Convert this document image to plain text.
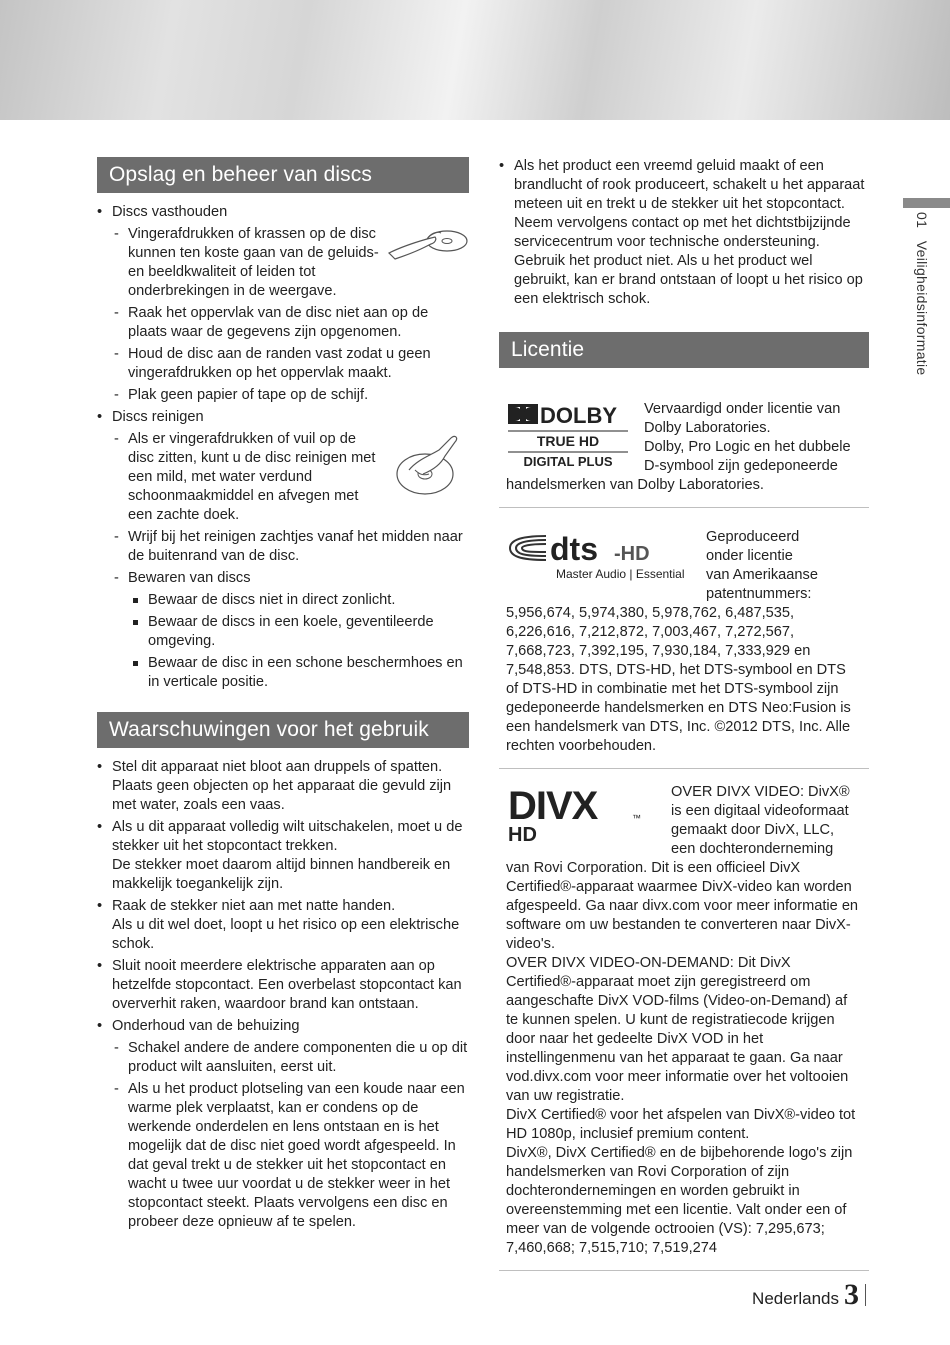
Opslag en beheer van discs
• Discs vasthouden
- Vingerafdrukken of krassen op de disc kunnen ten koste gaan van de geluids- en beeldkwaliteit of leiden tot onderbrekingen in de weergave.
- Raak het oppervlak van de disc niet aan op de plaats waar de gegevens zijn opgenomen.
- Houd de disc aan de randen vast zodat u geen vingerafdrukken op het oppervlak maakt.
- Plak geen papier of tape op de schijf.
• Discs reinigen
- Als er vingerafdrukken of vuil op de disc zitten, kunt u de disc reinigen met een mild, met water verdund schoonmaakmiddel en afvegen met een zachte doek.
- Wrijf bij het reinigen zachtjes vanaf het midden naar de buitenrand van de disc.
- Bewaren van discs
Bewaar de discs niet in direct zonlicht.
Bewaar de discs in een koele, geventileerde omgeving.
Bewaar de disc in een schone beschermhoes en in verticale positie.
Waarschuwingen voor het gebruik
• Stel dit apparaat niet bloot aan druppels of spatten. Plaats geen objecten op het apparaat die gevuld zijn met water, zoals een vaas.

• Als u dit apparaat volledig wilt uitschakelen, moet u de stekker uit het stopcontact trekken.

De stekker moet daarom altijd binnen handbereik en makkelijk toegankelijk zijn.

• Raak de stekker niet aan met natte handen.

Als u dit wel doet, loopt u het risico op een elektrische schok.

• Sluit nooit meerdere elektrische apparaten aan op hetzelfde stopcontact. Een overbelast stopcontact kan oververhit raken, waardoor brand kan ontstaan.
• Onderhoud van de behuizing
- Schakel andere de andere componenten die u op dit product wilt aansluiten, eerst uit.
- Als u het product plotseling van een koude naar een warme plek verplaatst, kan er condens op de werkende onderdelen en lens ontstaan en is het mogelijk dat de disc niet goed wordt afgespeeld. In dat geval trekt u de stekker uit het stopcontact en wacht u twee uur voordat u de stekker weer in het stopcontact steekt. Plaats vervolgens een disc en probeer deze opnieuw af te spelen.
• Als het product een vreemd geluid maakt of een brandlucht of rook produceert, schakelt u het apparaat meteen uit en trekt u de stekker uit het stopcontact. Neem vervolgens contact op met het dichtstbijzijnde servicecentrum voor technische ondersteuning. Gebruik het product niet. Als u het product wel gebruikt, kan er brand ontstaan of loopt u het risico op een elektrisch schok.
Licentie
DOLBY
TRUE HD
DIGITAL PLUS

Vervaardigd onder licentie van Dolby Laboratories.

Dolby, Pro Logic en het dubbele D-symbool zijn gedeponeerde handelsmerken van Dolby Laboratories.

dts -HD
Master Audio | Essential
Geproduceerd
onder licentie
van Amerikaanse
patentnummers:

5,956,674, 5,974,380, 5,978,762, 6,487,535, 6,226,616, 7,212,872, 7,003,467, 7,272,567, 7,668,723, 7,392,195, 7,930,184, 7,333,929 en 7,548,853. DTS, DTS-HD, het DTS-symbool en DTS of DTS-HD in combinatie met het DTS-symbool zijn gedeponeerde handelsmerken en DTS Neo:Fusion is een handelsmerk van DTS, Inc. ©2012 DTS, Inc. Alle rechten voorbehouden.

DIVX	™
HD

OVER DIVX VIDEO: DivX® is een digitaal videoformaat gemaakt door DivX, LLC, een dochteronderneming van Rovi Corporation. Dit is een officieel DivX Certified®-apparaat waarmee DivX-video kan worden afgespeeld. Ga naar divx.com voor meer informatie en software om uw bestanden te converteren naar DivX-video's.

OVER DIVX VIDEO-ON-DEMAND: Dit DivX Certified®-apparaat moet zijn geregistreerd om aangeschafte DivX VOD-films (Video-on-Demand) af te kunnen spelen. U kunt de registratiecode krijgen door naar het gedeelte DivX VOD in het instellingenmenu van het apparaat te gaan. Ga naar vod.divx.com voor meer informatie over het voltooien van uw registratie.

DivX Certified® voor het afspelen van DivX®-video tot HD 1080p, inclusief premium content.

DivX®, DivX Certified® en de bijbehorende logo's zijn handelsmerken van Rovi Corporation of zijn dochterondernemingen en worden gebruikt in overeenstemming met een licentie. Valt onder een of meer van de volgende octrooien (VS): 7,295,673; 7,460,668; 7,515,710; 7,519,274

01   Veiligheidsinformatie
Nederlands 3
